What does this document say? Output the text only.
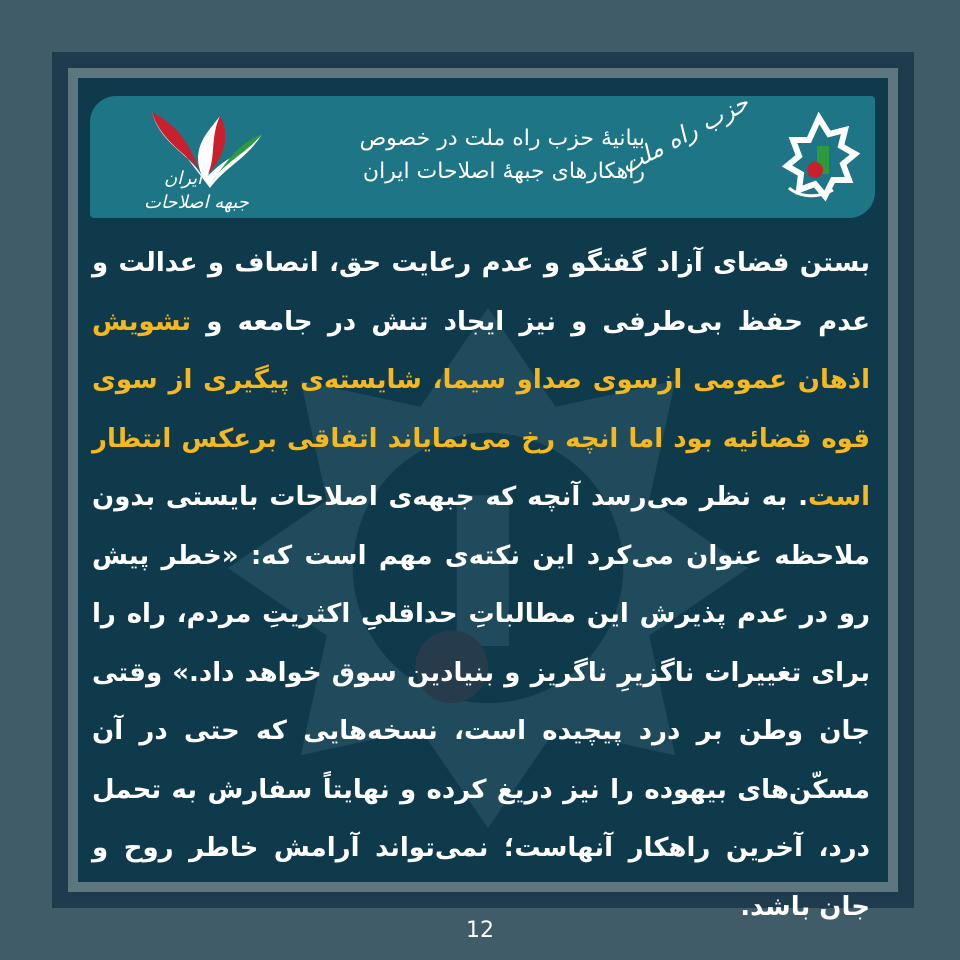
ایران
جبهه اصلاحات
بیانیۀ حزب راه ملت در خصوص
راهکارهای جبهۀ اصلاحات ایران
حزب راه ملت
بستن فضای آزاد گفتگو و عدم رعایت حق، انصاف و عدالت و عدم حفظ بی‌طرفی و نیز ایجاد تنش در جامعه و تشویش اذهان عمومی ازسوی صداو سیما، شایسته‌ی پیگیری از سوی قوه قضائیه بود اما انچه رخ می‌نمایاند اتفاقی برعکس انتظار است. به نظر می‌رسد آنچه که جبهه‌ی اصلاحات بایستی بدون ملاحظه عنوان می‌کرد این نکته‌ی مهم است که: «خطر پیش رو در عدم پذیرش این مطالباتِ حداقلیِ اکثریتِ مردم، راه را برای تغییرات ناگزیرِ ناگریز و بنیادین سوق خواهد داد.» وقتی جان وطن بر درد پیچیده است، نسخه‌هایی که حتی در آن مسکّن‌های بیهوده را نیز دریغ کرده و نهایتاً سفارش به تحمل درد، آخرین راهکار آنهاست؛ نمی‌تواند آرامش خاطر روح و جان باشد.
12
